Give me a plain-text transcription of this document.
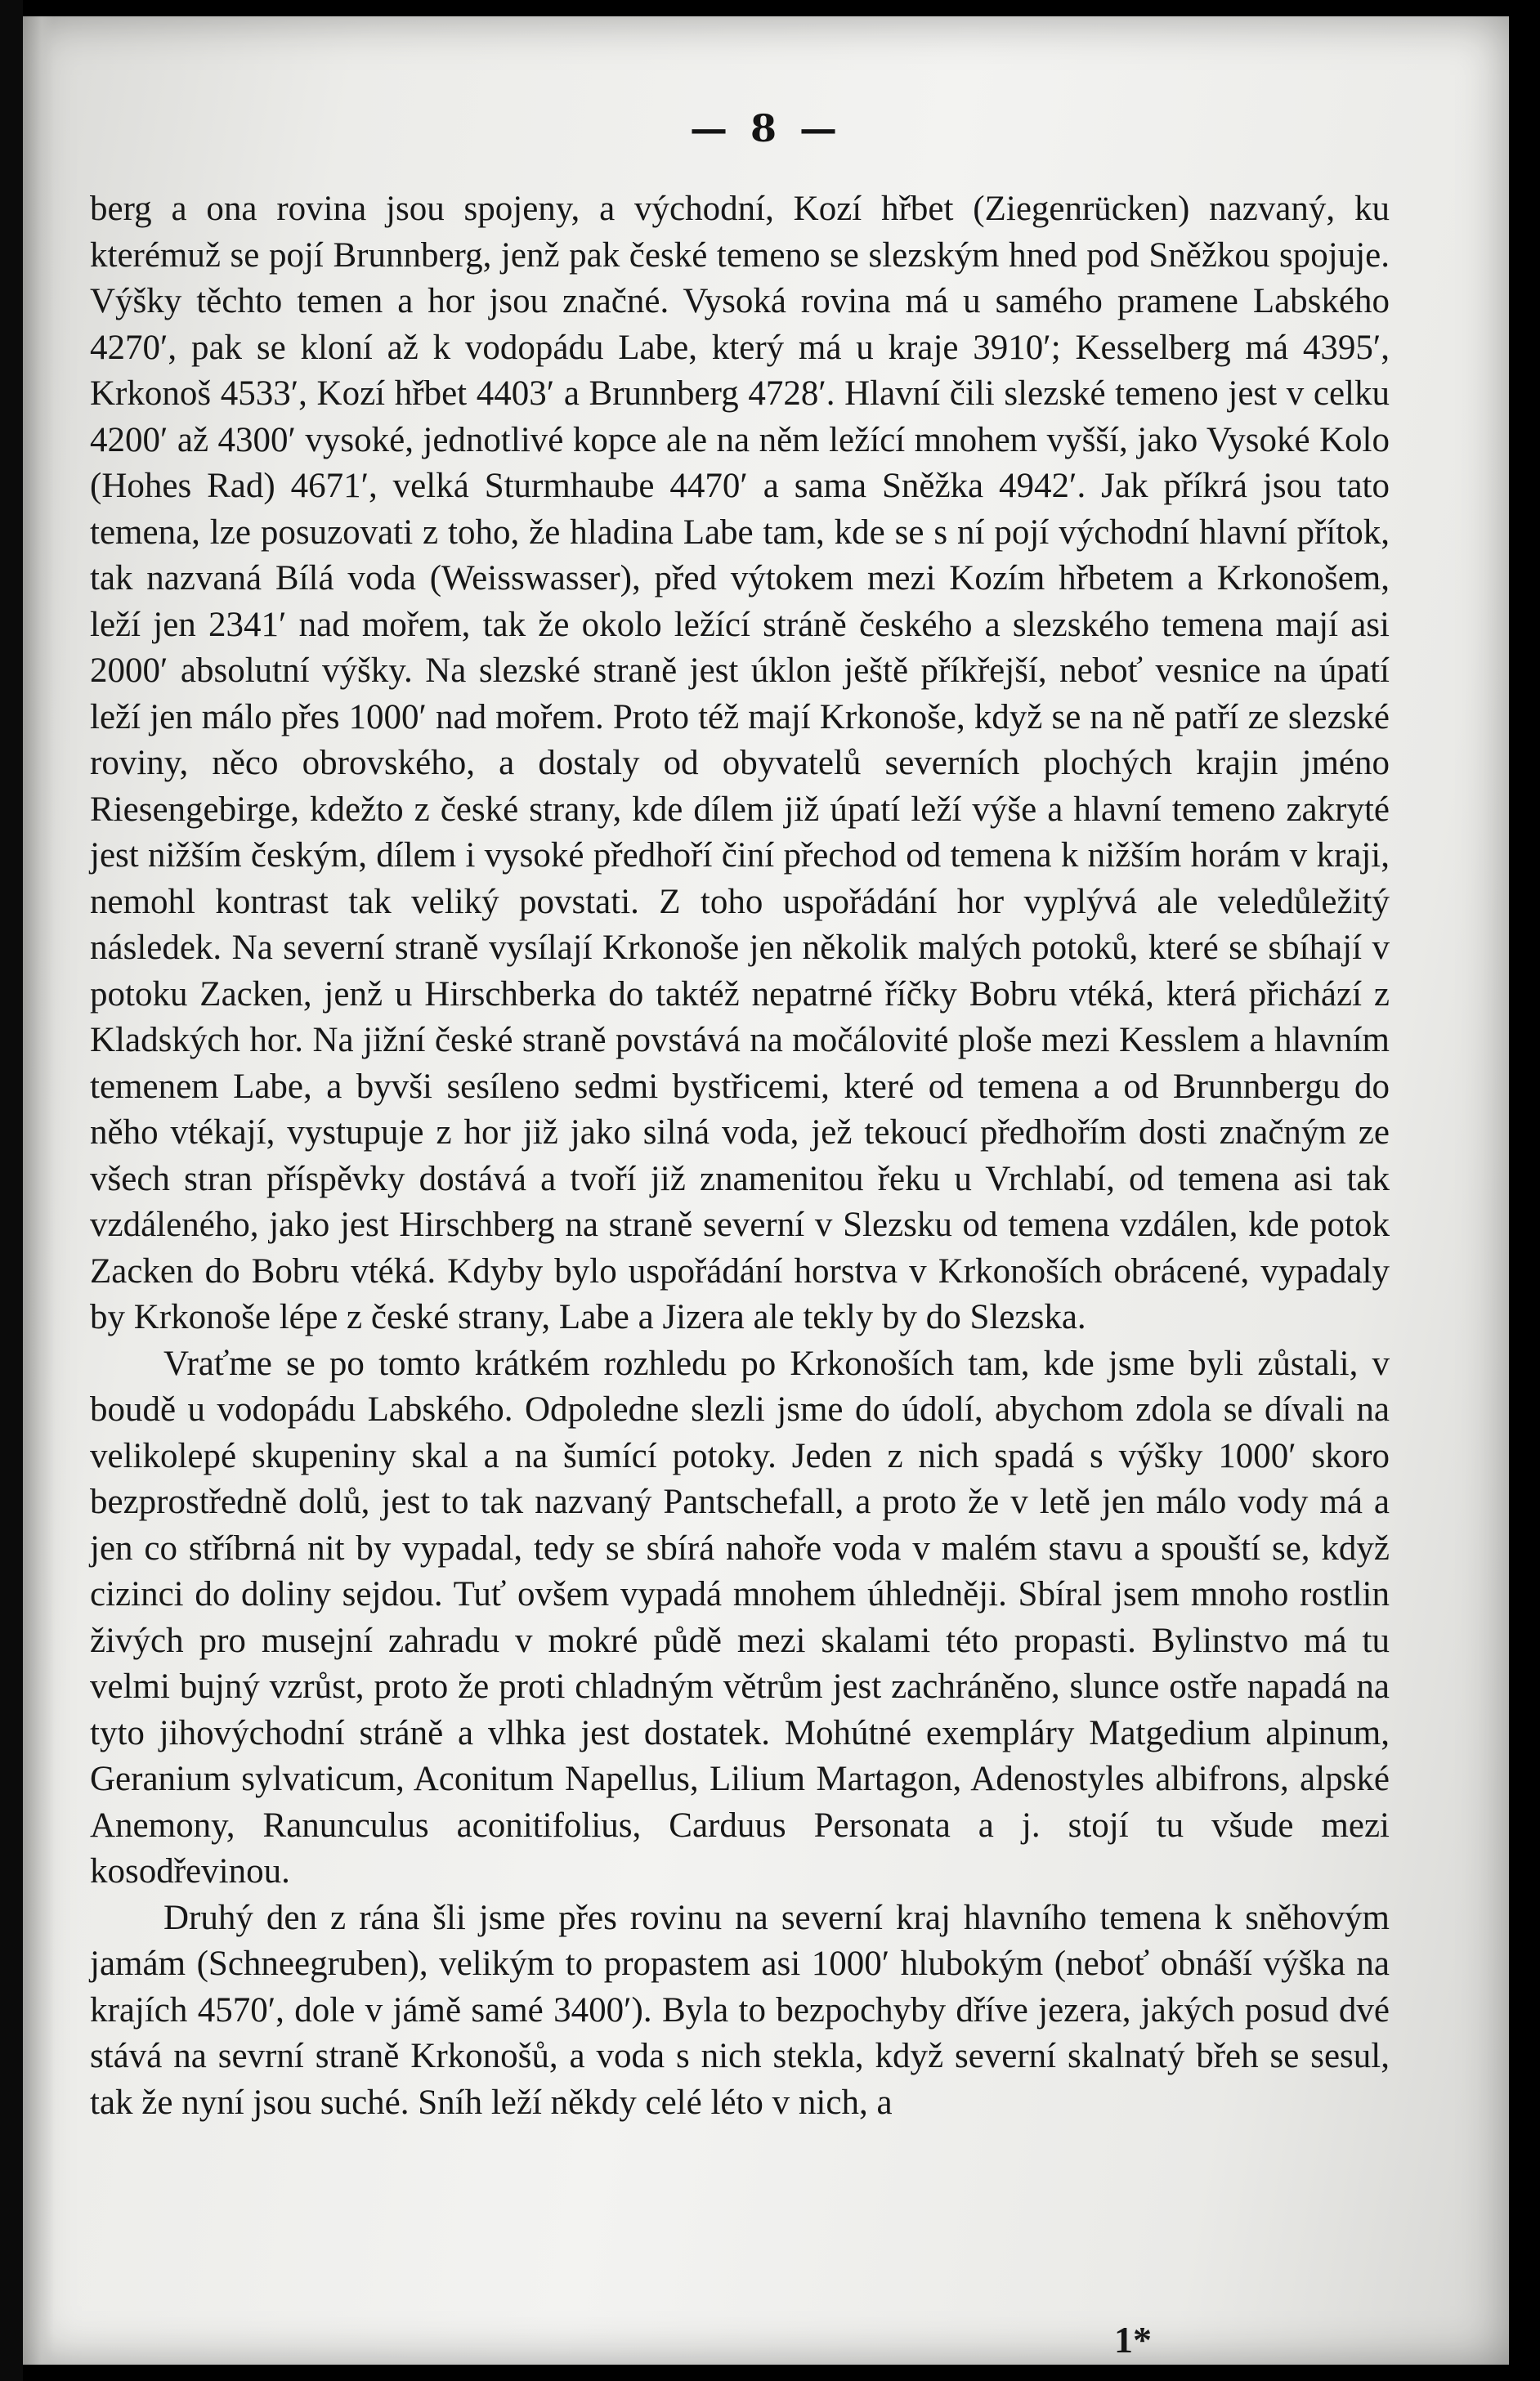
— 8 —

berg a ona rovina jsou spojeny, a východní, Kozí hřbet (Ziegenrücken) nazvaný, ku kterémuž se pojí Brunnberg, jenž pak české temeno se slezským hned pod Sněžkou spojuje. Výšky těchto temen a hor jsou značné. Vysoká rovina má u samého pramene Labského 4270′, pak se kloní až k vodopádu Labe, který má u kraje 3910′; Kesselberg má 4395′, Krkonoš 4533′, Kozí hřbet 4403′ a Brunnberg 4728′. Hlavní čili slezské temeno jest v celku 4200′ až 4300′ vysoké, jednotlivé kopce ale na něm ležící mnohem vyšší, jako Vysoké Kolo (Hohes Rad) 4671′, velká Sturmhaube 4470′ a sama Sněžka 4942′. Jak příkrá jsou tato temena, lze posuzovati z toho, že hladina Labe tam, kde se s ní pojí východní hlavní přítok, tak nazvaná Bílá voda (Weisswasser), před výtokem mezi Kozím hřbetem a Krkonošem, leží jen 2341′ nad mořem, tak že okolo ležící stráně českého a slezského temena mají asi 2000′ absolutní výšky. Na slezské straně jest úklon ještě příkřejší, neboť vesnice na úpatí leží jen málo přes 1000′ nad mořem. Proto též mají Krkonoše, když se na ně patří ze slezské roviny, něco obrovského, a dostaly od obyvatelů severních plochých krajin jméno Riesengebirge, kdežto z české strany, kde dílem již úpatí leží výše a hlavní temeno zakryté jest nižším českým, dílem i vysoké předhoří činí přechod od temena k nižším horám v kraji, nemohl kontrast tak veliký povstati. Z toho uspořádání hor vyplývá ale veledůležitý následek. Na severní straně vysílají Krkonoše jen několik malých potoků, které se sbíhají v potoku Zacken, jenž u Hirschberka do taktéž nepatrné říčky Bobru vtéká, která přichází z Kladských hor. Na jižní české straně povstává na močálovité ploše mezi Kesslem a hlavním temenem Labe, a byvši sesíleno sedmi bystřicemi, které od temena a od Brunnbergu do něho vtékají, vystupuje z hor již jako silná voda, jež tekoucí předhořím dosti značným ze všech stran příspěvky dostává a tvoří již znamenitou řeku u Vrchlabí, od temena asi tak vzdáleného, jako jest Hirschberg na straně severní v Slezsku od temena vzdálen, kde potok Zacken do Bobru vtéká. Kdyby bylo uspořádání horstva v Krkonoších obrácené, vypadaly by Krkonoše lépe z české strany, Labe a Jizera ale tekly by do Slezska.

Vraťme se po tomto krátkém rozhledu po Krkonoších tam, kde jsme byli zůstali, v boudě u vodopádu Labského. Odpoledne slezli jsme do údolí, abychom zdola se dívali na velikolepé skupeniny skal a na šumící potoky. Jeden z nich spadá s výšky 1000′ skoro bezprostředně dolů, jest to tak nazvaný Pantschefall, a proto že v letě jen málo vody má a jen co stříbrná nit by vypadal, tedy se sbírá nahoře voda v malém stavu a spouští se, když cizinci do doliny sejdou. Tuť ovšem vypadá mnohem úhledněji. Sbíral jsem mnoho rostlin živých pro musejní zahradu v mokré půdě mezi skalami této propasti. Bylinstvo má tu velmi bujný vzrůst, proto že proti chladným větrům jest zachráněno, slunce ostře napadá na tyto jihovýchodní stráně a vlhka jest dostatek. Mohútné exempláry Matgedium alpinum, Geranium sylvaticum, Aconitum Napellus, Lilium Martagon, Adenostyles albifrons, alpské Anemony, Ranunculus aconitifolius, Carduus Personata a j. stojí tu všude mezi kosodřevinou.

Druhý den z rána šli jsme přes rovinu na severní kraj hlavního temena k sněhovým jamám (Schneegruben), velikým to propastem asi 1000′ hlubokým (neboť obnáší výška na krajích 4570′, dole v jámě samé 3400′). Byla to bezpochyby dříve jezera, jakých posud dvé stává na sevrní straně Krkonošů, a voda s nich stekla, když severní skalnatý břeh se sesul, tak že nyní jsou suché. Sníh leží někdy celé léto v nich, a

1*
